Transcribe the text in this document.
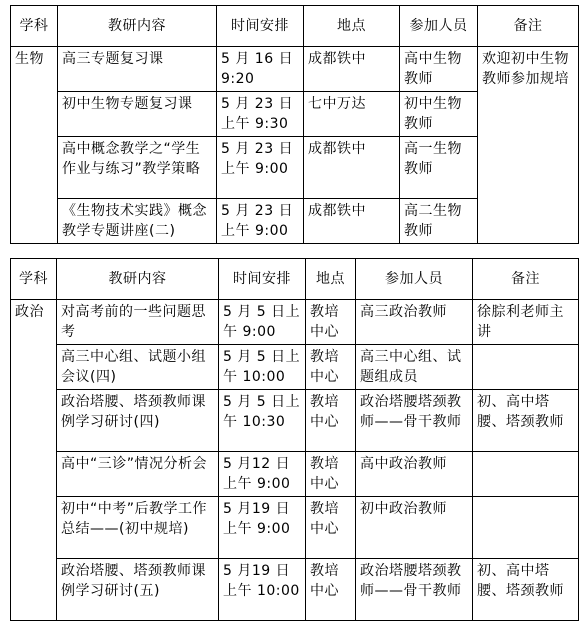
学科	教研内容	时间安排	地点	参加人员	备注
生物	高三专题复习课	5 月 16 日 9:20	成都铁中	高中生物教师	欢迎初中生物教师参加规培
	初中生物专题复习课	5 月 23 日 上午 9:30	七中万达	初中生物教师	
	高中概念教学之“学生作业与练习”教学策略	5 月 23 日 上午 9:00	成都铁中	高一生物教师	
	《生物技术实践》概念教学专题讲座(二)	5 月 23 日 上午 9:00	成都铁中	高二生物教师	
学科	教研内容	时间安排	地点	参加人员	备注
政治	对高考前的一些问题思考	5 月 5 日上午 9:00	教培中心	高三政治教师	徐腙利老师主讲
	高三中心组、试题小组会议(四)	5 月 5 日上午 10:00	教培中心	高三中心组、试题组成员	
	政治塔腰、塔颈教师课例学习研讨(四)	5 月 5 日上午 10:30	教培中心	政治塔腰塔颈教师——骨干教师	初、高中塔腰、塔颈教师
	高中“三诊”情况分析会	5 月12 日上午 9:00	教培中心	高中政治教师	
	初中“中考”后教学工作总结——(初中规培)	5 月19 日上午 9:00	教培中心	初中政治教师	
	政治塔腰、塔颈教师课例学习研讨(五)	5 月19 日上午 10:00	教培中心	政治塔腰塔颈教师——骨干教师	初、高中塔腰、塔颈教师
